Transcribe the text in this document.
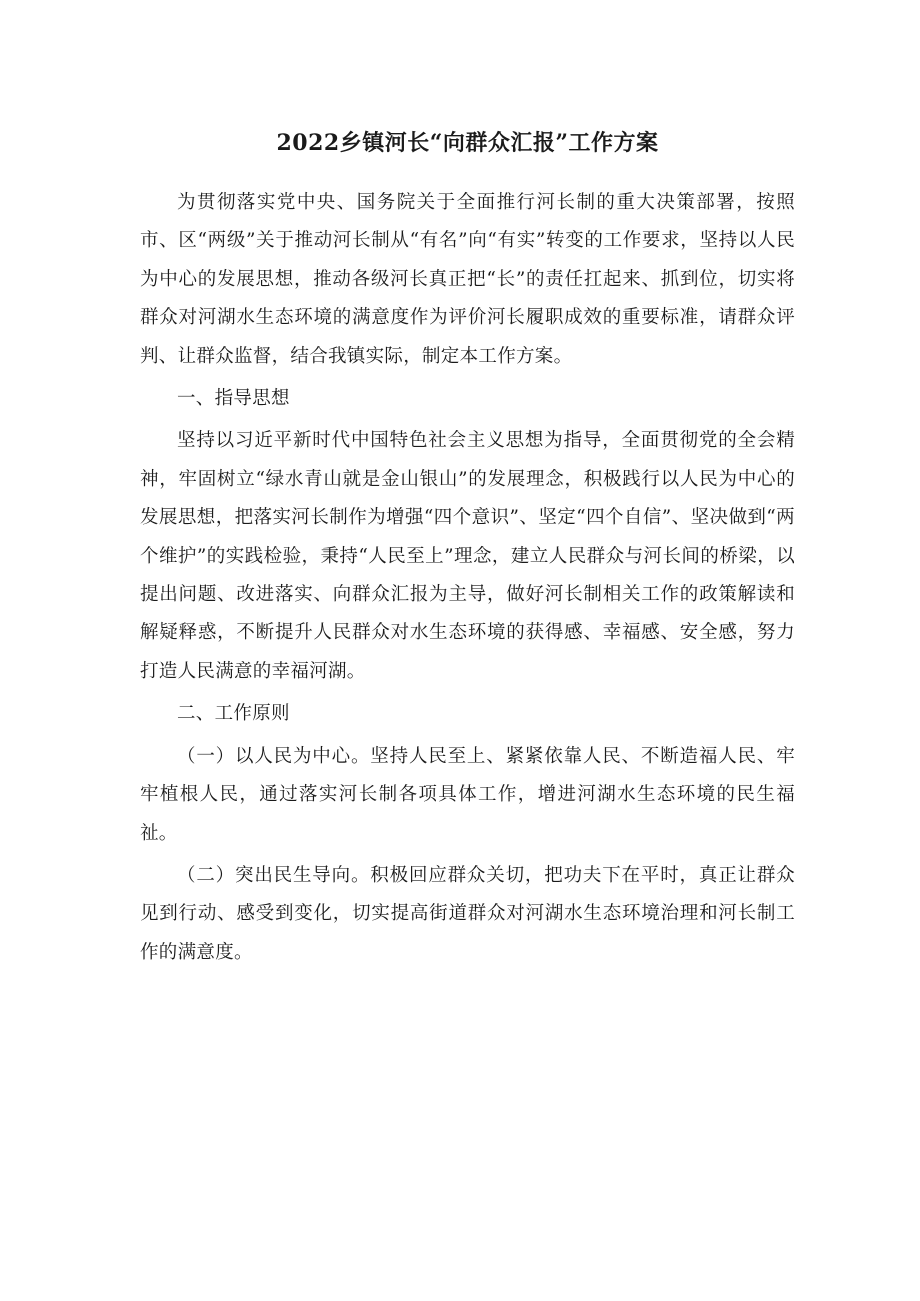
2022乡镇河长“向群众汇报”工作方案

为贯彻落实党中央、国务院关于全面推行河长制的重大决策部署，按照市、区“两级”关于推动河长制从“有名”向“有实”转变的工作要求，坚持以人民为中心的发展思想，推动各级河长真正把“长”的责任扛起来、抓到位，切实将群众对河湖水生态环境的满意度作为评价河长履职成效的重要标准，请群众评判、让群众监督，结合我镇实际，制定本工作方案。

一、指导思想

坚持以习近平新时代中国特色社会主义思想为指导，全面贯彻党的全会精神，牢固树立“绿水青山就是金山银山”的发展理念，积极践行以人民为中心的发展思想，把落实河长制作为增强“四个意识”、坚定“四个自信”、坚决做到“两个维护”的实践检验，秉持“人民至上”理念，建立人民群众与河长间的桥梁，以提出问题、改进落实、向群众汇报为主导，做好河长制相关工作的政策解读和解疑释惑，不断提升人民群众对水生态环境的获得感、幸福感、安全感，努力打造人民满意的幸福河湖。

二、工作原则

（一）以人民为中心。坚持人民至上、紧紧依靠人民、不断造福人民、牢牢植根人民，通过落实河长制各项具体工作，增进河湖水生态环境的民生福祉。

（二）突出民生导向。积极回应群众关切，把功夫下在平时，真正让群众见到行动、感受到变化，切实提高街道群众对河湖水生态环境治理和河长制工作的满意度。
